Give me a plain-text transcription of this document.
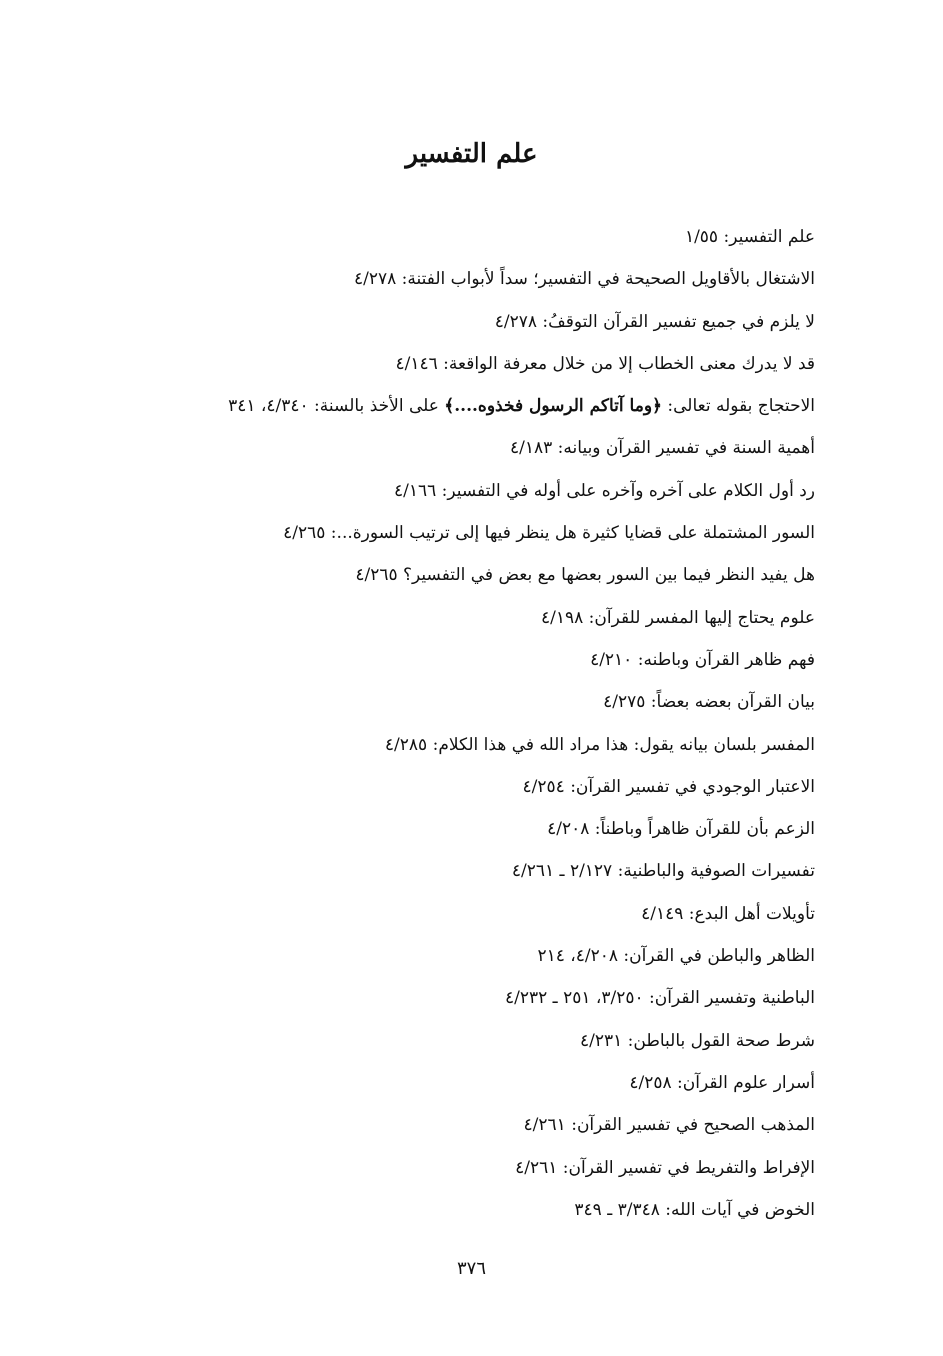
علم التفسير
علم التفسير: ١/٥٥
الاشتغال بالأقاويل الصحيحة في التفسير؛ سداً لأبواب الفتنة: ٤/٢٧٨
لا يلزم في جميع تفسير القرآن التوقفُ: ٤/٢٧٨
قد لا يدرك معنى الخطاب إلا من خلال معرفة الواقعة: ٤/١٤٦
الاحتجاج بقوله تعالى: ﴿وما آتاكم الرسول فخذوه....﴾ على الأخذ بالسنة: ٤/٣٤٠، ٣٤١
أهمية السنة في تفسير القرآن وبيانه: ٤/١٨٣
رد أول الكلام على آخره وآخره على أوله في التفسير: ٤/١٦٦
السور المشتملة على قضايا كثيرة هل ينظر فيها إلى ترتيب السورة...: ٤/٢٦٥
هل يفيد النظر فيما بين السور بعضها مع بعض في التفسير؟ ٤/٢٦٥
علوم يحتاج إليها المفسر للقرآن: ٤/١٩٨
فهم ظاهر القرآن وباطنه: ٤/٢١٠
بيان القرآن بعضه بعضاً: ٤/٢٧٥
المفسر بلسان بيانه يقول: هذا مراد الله في هذا الكلام: ٤/٢٨٥
الاعتبار الوجودي في تفسير القرآن: ٤/٢٥٤
الزعم بأن للقرآن ظاهراً وباطناً: ٤/٢٠٨
تفسيرات الصوفية والباطنية: ٢/١٢٧ ـ ٤/٢٦١
تأويلات أهل البدع: ٤/١٤٩
الظاهر والباطن في القرآن: ٤/٢٠٨، ٢١٤
الباطنية وتفسير القرآن: ٣/٢٥٠، ٢٥١ ـ ٤/٢٣٢
شرط صحة القول بالباطن: ٤/٢٣١
أسرار علوم القرآن: ٤/٢٥٨
المذهب الصحيح في تفسير القرآن: ٤/٢٦١
الإفراط والتفريط في تفسير القرآن: ٤/٢٦١
الخوض في آيات الله: ٣/٣٤٨ ـ ٣٤٩
٣٧٦
